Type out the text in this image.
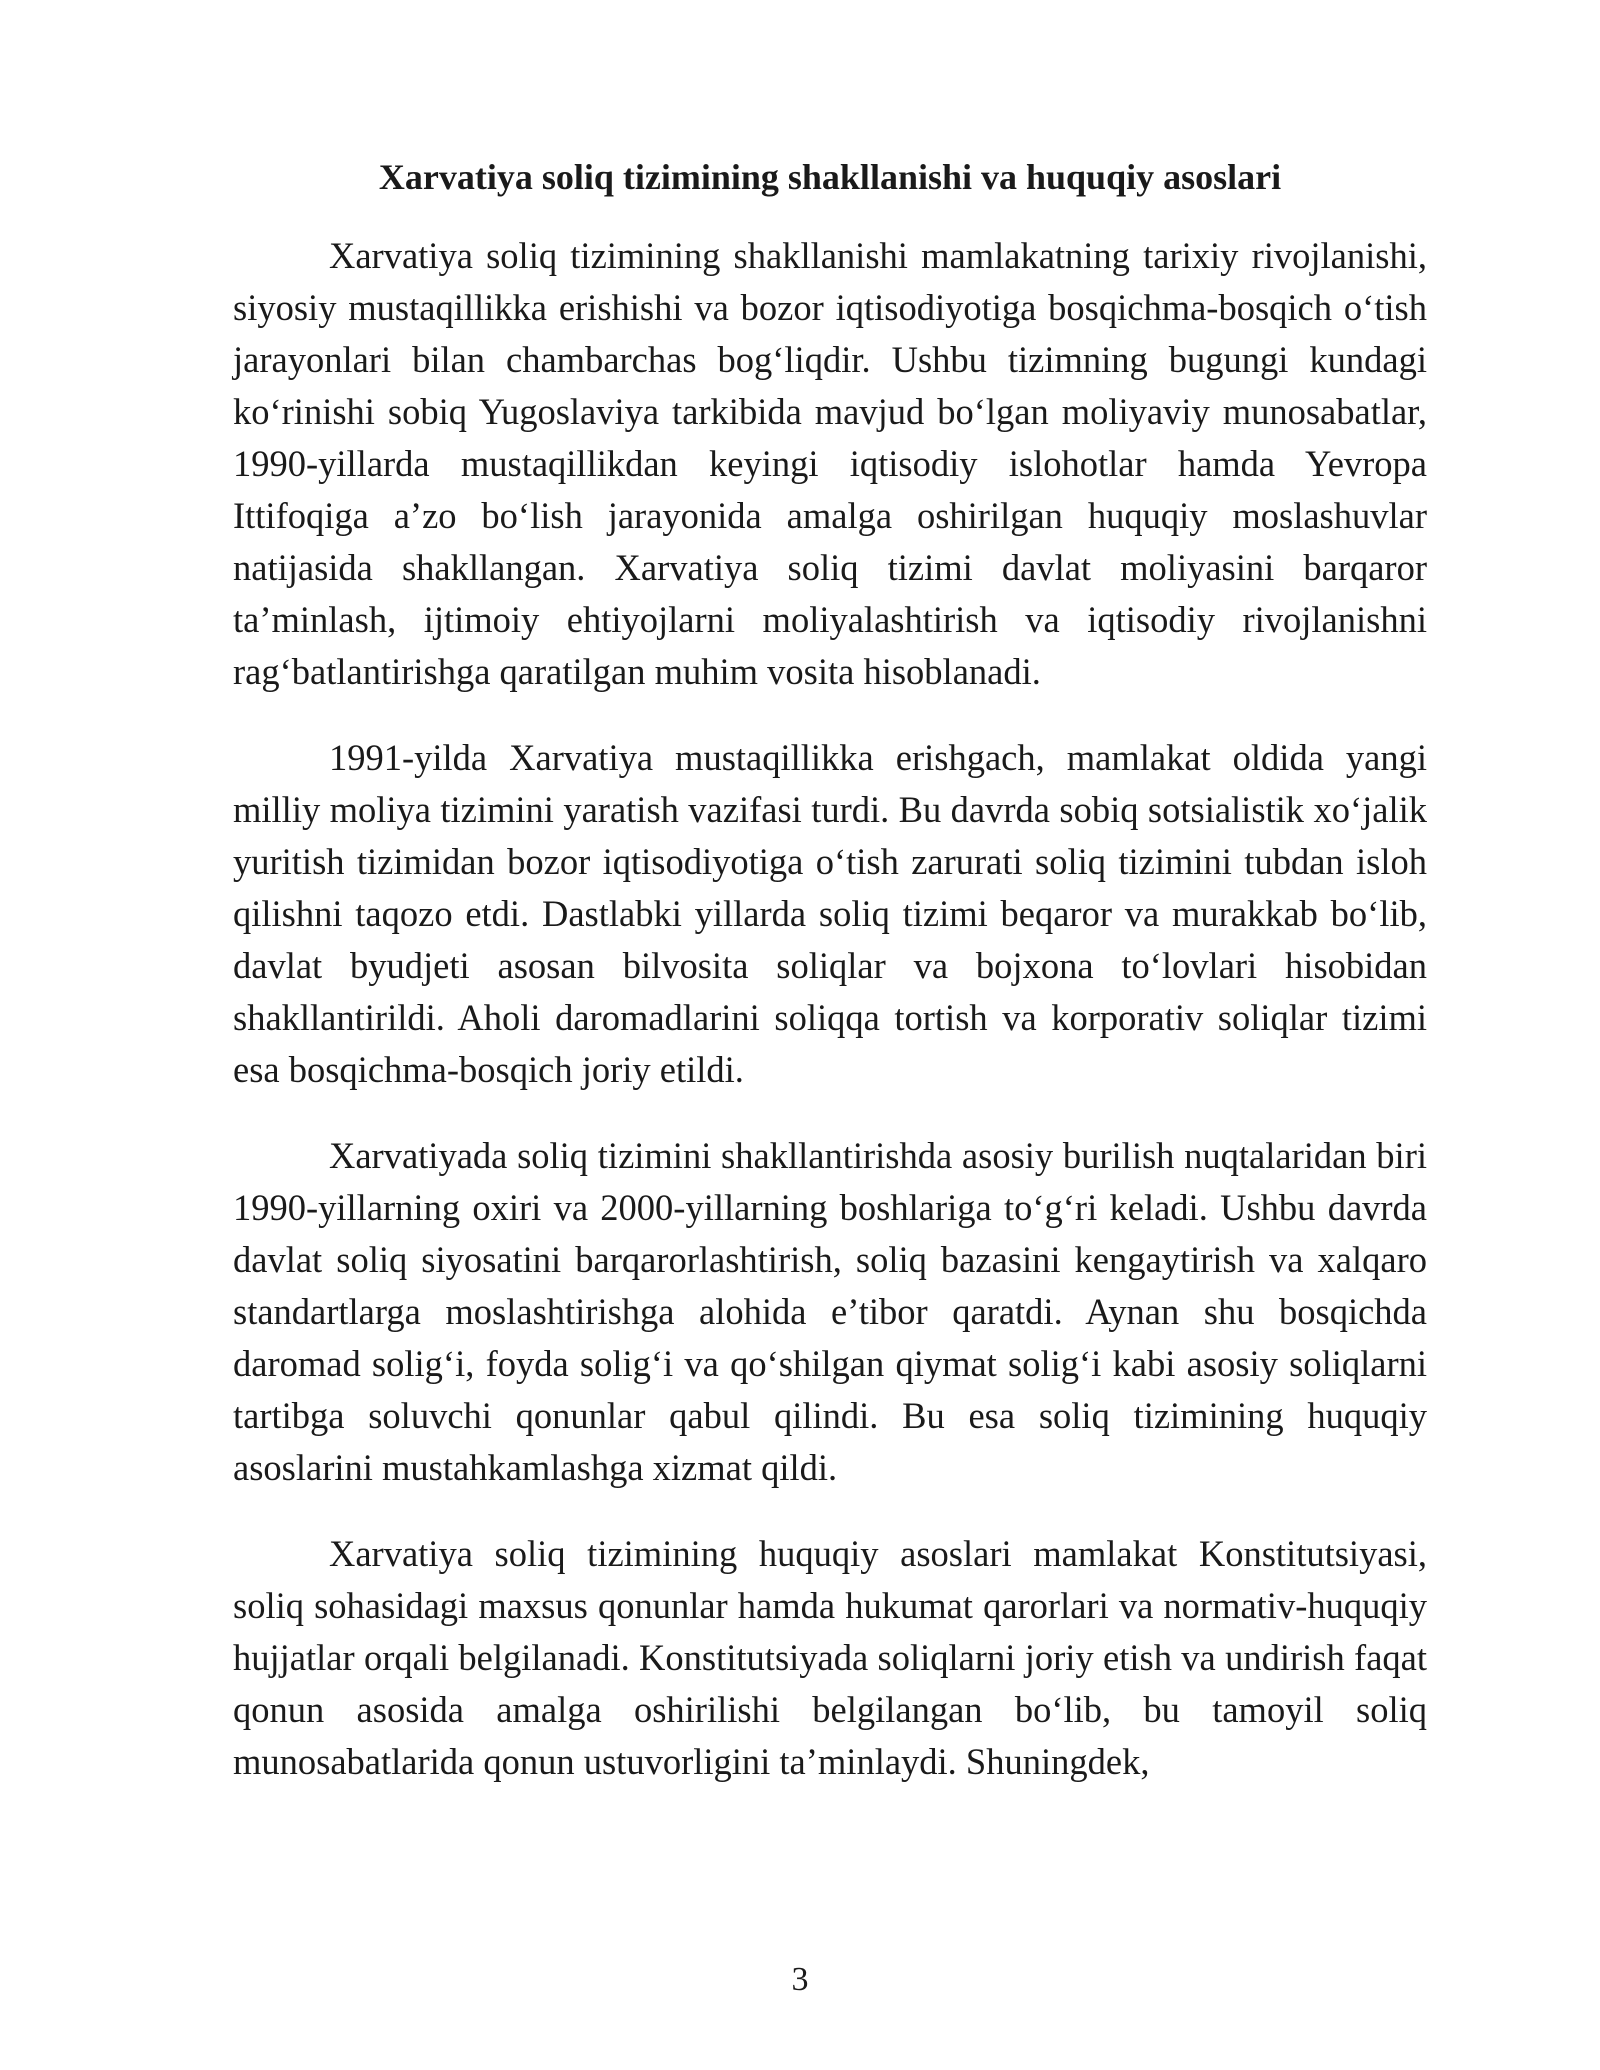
Xarvatiya soliq tizimining shakllanishi va huquqiy asoslari

Xarvatiya soliq tizimining shakllanishi mamlakatning tarixiy rivojlanishi, siyosiy mustaqillikka erishishi va bozor iqtisodiyotiga bosqichma-bosqich o‘tish jarayonlari bilan chambarchas bog‘liqdir. Ushbu tizimning bugungi kundagi ko‘rinishi sobiq Yugoslaviya tarkibida mavjud bo‘lgan moliyaviy munosabatlar, 1990-yillarda mustaqillikdan keyingi iqtisodiy islohotlar hamda Yevropa Ittifoqiga a’zo bo‘lish jarayonida amalga oshirilgan huquqiy moslashuvlar natijasida shakllangan. Xarvatiya soliq tizimi davlat moliyasini barqaror ta’minlash, ijtimoiy ehtiyojlarni moliyalashtirish va iqtisodiy rivojlanishni rag‘batlantirishga qaratilgan muhim vosita hisoblanadi.

1991-yilda Xarvatiya mustaqillikka erishgach, mamlakat oldida yangi milliy moliya tizimini yaratish vazifasi turdi. Bu davrda sobiq sotsialistik xo‘jalik yuritish tizimidan bozor iqtisodiyotiga o‘tish zarurati soliq tizimini tubdan isloh qilishni taqozo etdi. Dastlabki yillarda soliq tizimi beqaror va murakkab bo‘lib, davlat byudjeti asosan bilvosita soliqlar va bojxona to‘lovlari hisobidan shakllantirildi. Aholi daromadlarini soliqqa tortish va korporativ soliqlar tizimi esa bosqichma-bosqich joriy etildi.

Xarvatiyada soliq tizimini shakllantirishda asosiy burilish nuqtalaridan biri 1990-yillarning oxiri va 2000-yillarning boshlariga to‘g‘ri keladi. Ushbu davrda davlat soliq siyosatini barqarorlashtirish, soliq bazasini kengaytirish va xalqaro standartlarga moslashtirishga alohida e’tibor qaratdi. Aynan shu bosqichda daromad solig‘i, foyda solig‘i va qo‘shilgan qiymat solig‘i kabi asosiy soliqlarni tartibga soluvchi qonunlar qabul qilindi. Bu esa soliq tizimining huquqiy asoslarini mustahkamlashga xizmat qildi.

Xarvatiya soliq tizimining huquqiy asoslari mamlakat Konstitutsiyasi, soliq sohasidagi maxsus qonunlar hamda hukumat qarorlari va normativ-huquqiy hujjatlar orqali belgilanadi. Konstitutsiyada soliqlarni joriy etish va undirish faqat qonun asosida amalga oshirilishi belgilangan bo‘lib, bu tamoyil soliq munosabatlarida qonun ustuvorligini ta’minlaydi. Shuningdek,

3
